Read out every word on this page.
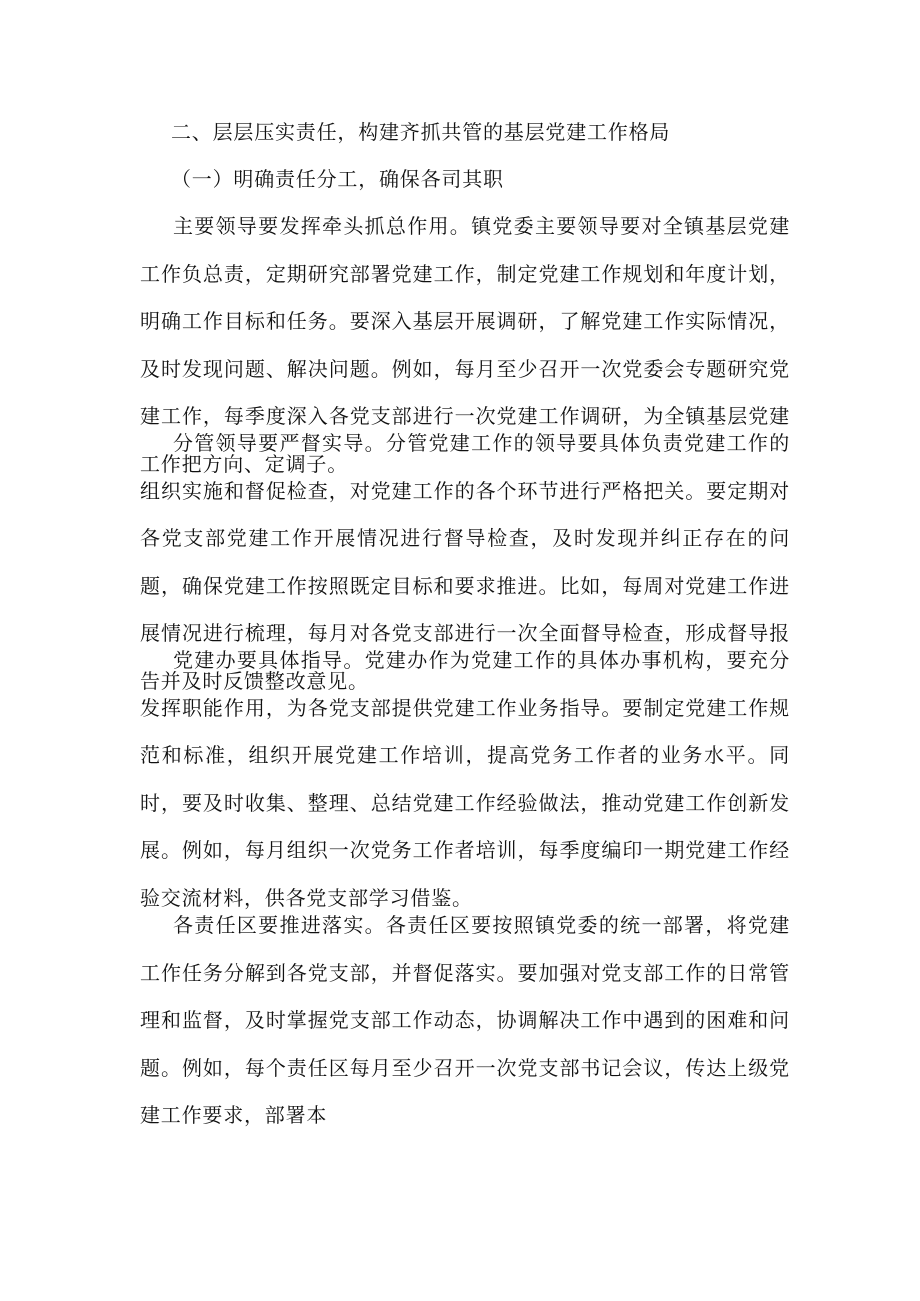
二、层层压实责任，构建齐抓共管的基层党建工作格局
（一）明确责任分工，确保各司其职

主要领导要发挥牵头抓总作用。镇党委主要领导要对全镇基层党建工作负总责，定期研究部署党建工作，制定党建工作规划和年度计划，明确工作目标和任务。要深入基层开展调研，了解党建工作实际情况，及时发现问题、解决问题。例如，每月至少召开一次党委会专题研究党建工作，每季度深入各党支部进行一次党建工作调研，为全镇基层党建工作把方向、定调子。

分管领导要严督实导。分管党建工作的领导要具体负责党建工作的组织实施和督促检查，对党建工作的各个环节进行严格把关。要定期对各党支部党建工作开展情况进行督导检查，及时发现并纠正存在的问题，确保党建工作按照既定目标和要求推进。比如，每周对党建工作进展情况进行梳理，每月对各党支部进行一次全面督导检查，形成督导报告并及时反馈整改意见。

党建办要具体指导。党建办作为党建工作的具体办事机构，要充分发挥职能作用，为各党支部提供党建工作业务指导。要制定党建工作规范和标准，组织开展党建工作培训，提高党务工作者的业务水平。同时，要及时收集、整理、总结党建工作经验做法，推动党建工作创新发展。例如，每月组织一次党务工作者培训，每季度编印一期党建工作经验交流材料，供各党支部学习借鉴。

各责任区要推进落实。各责任区要按照镇党委的统一部署，将党建工作任务分解到各党支部，并督促落实。要加强对党支部工作的日常管理和监督，及时掌握党支部工作动态，协调解决工作中遇到的困难和问题。例如，每个责任区每月至少召开一次党支部书记会议，传达上级党建工作要求，部署本
